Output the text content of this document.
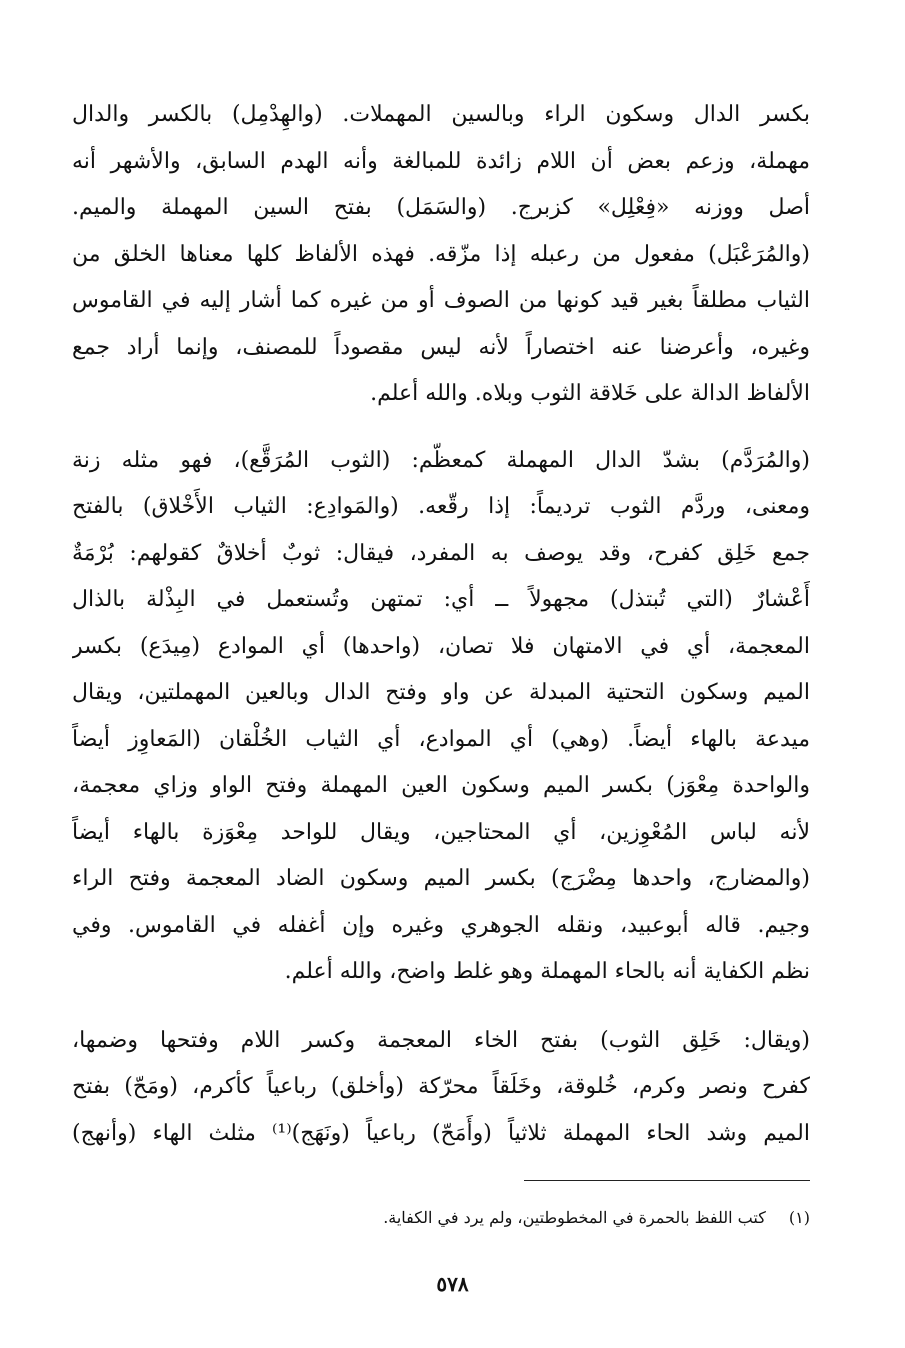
بكسر الدال وسكون الراء وبالسين المهملات. (والهِدْمِل) بالكسر والدال
مهملة، وزعم بعض أن اللام زائدة للمبالغة وأنه الهدم السابق، والأشهر أنه
أصل ووزنه «فِعْلِل» كزبرج. (والسَمَل) بفتح السين المهملة والميم.
(والمُرَعْبَل) مفعول من رعبله إذا مزّقه. فهذه الألفاظ كلها معناها الخلق من
الثياب مطلقاً بغير قيد كونها من الصوف أو من غيره كما أشار إليه في القاموس
وغيره، وأعرضنا عنه اختصاراً لأنه ليس مقصوداً للمصنف، وإنما أراد جمع
الألفاظ الدالة على خَلاقة الثوب وبلاه. والله أعلم.
(والمُرَدَّم) بشدّ الدال المهملة كمعظّم: (الثوب المُرَقَّع)، فهو مثله زنة
ومعنى، وردَّم الثوب ترديماً: إذا رقّعه. (والمَوادِع: الثياب الأَخْلاق) بالفتح
جمع خَلِق كفرح، وقد يوصف به المفرد، فيقال: ثوبٌ أخلاقٌ كقولهم: بُرْمَةٌ
أَعْشارٌ (التي تُبتذل) مجهولاً ــ أي: تمتهن وتُستعمل في البِذْلة بالذال
المعجمة، أي في الامتهان فلا تصان، (واحدها) أي الموادع (مِيدَع) بكسر
الميم وسكون التحتية المبدلة عن واو وفتح الدال وبالعين المهملتين، ويقال
ميدعة بالهاء أيضاً. (وهي) أي الموادع، أي الثياب الخُلْقان (المَعاوِز أيضاً
والواحدة مِعْوَز) بكسر الميم وسكون العين المهملة وفتح الواو وزاي معجمة،
لأنه لباس المُعْوِزين، أي المحتاجين، ويقال للواحد مِعْوَزة بالهاء أيضاً
(والمضارج، واحدها مِضْرَج) بكسر الميم وسكون الضاد المعجمة وفتح الراء
وجيم. قاله أبوعبيد، ونقله الجوهري وغيره وإن أغفله في القاموس. وفي
نظم الكفاية أنه بالحاء المهملة وهو غلط واضح، والله أعلم.
(ويقال: خَلِق الثوب) بفتح الخاء المعجمة وكسر اللام وفتحها وضمها،
كفرح ونصر وكرم، خُلوقة، وخَلَقاً محرّكة (وأخلق) رباعياً كأكرم، (ومَحّ) بفتح
الميم وشد الحاء المهملة ثلاثياً (وأَمَحّ) رباعياً (ونَهَج)⁽¹⁾ مثلث الهاء (وأنهج)
(١) كتب اللفظ بالحمرة في المخطوطتين، ولم يرد في الكفاية.
٥٧٨
